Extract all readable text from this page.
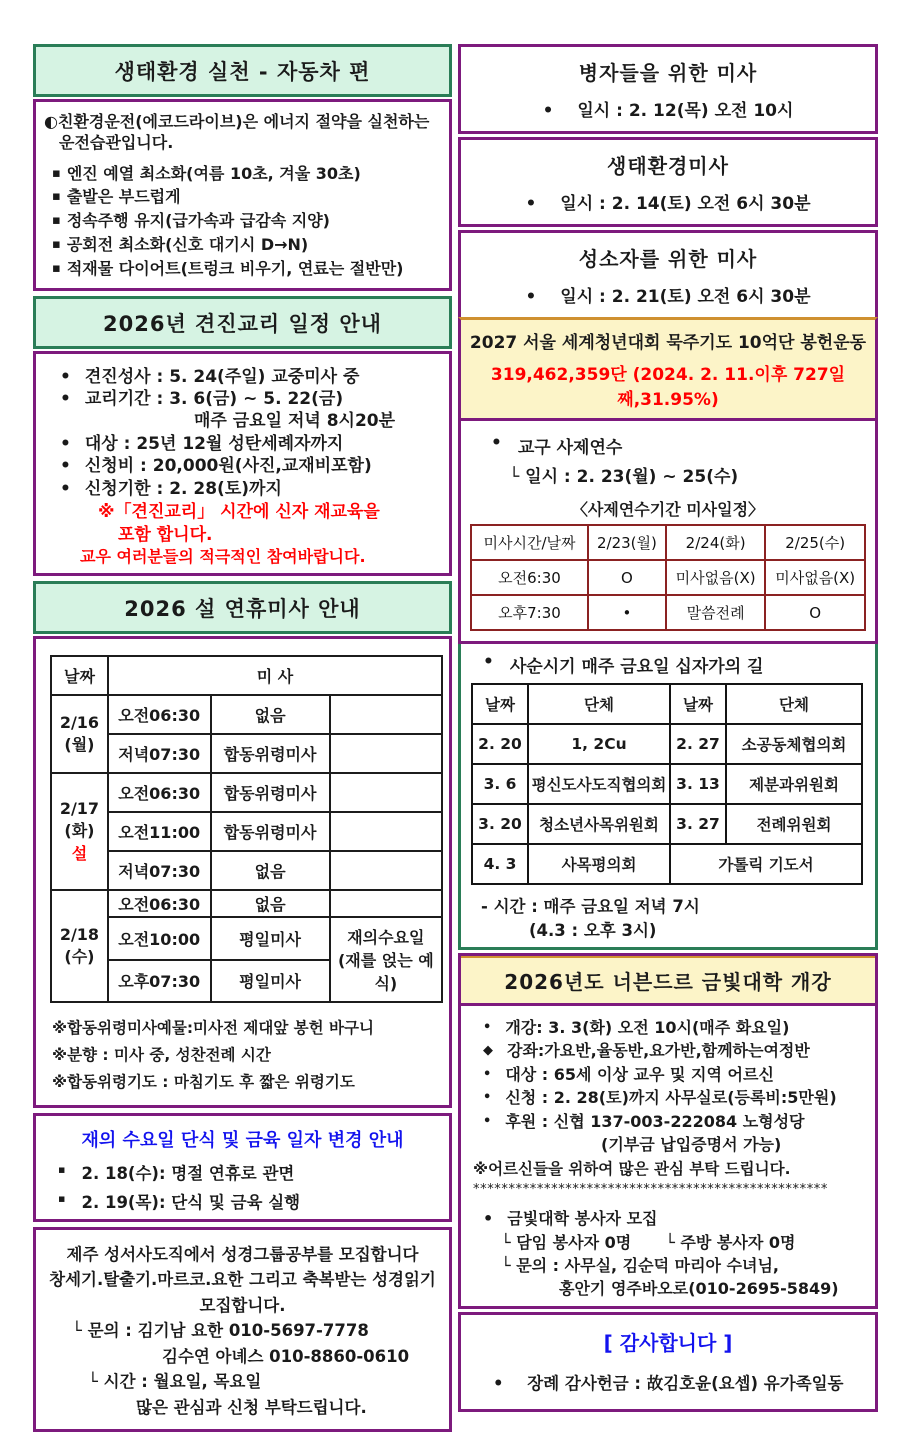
생태환경 실천 - 자동차 편
◐친환경운전(에코드라이브)은 에너지 절약을 실천하는
운전습관입니다.
▪ 엔진 예열 최소화(여름 10초, 겨울 30초)
▪ 출발은 부드럽게
▪ 정속주행 유지(급가속과 급감속 지양)
▪ 공회전 최소화(신호 대기시 D→N)
▪ 적재물 다이어트(트렁크 비우기, 연료는 절반만)
2026년 견진교리 일정 안내
• 견진성사 : 5. 24(주일) 교중미사 중
• 교리기간 : 3. 6(금) ~ 5. 22(금)
매주 금요일 저녁 8시20분
• 대상 : 25년 12월 성탄세례자까지
• 신청비 : 20,000원(사진,교재비포함)
• 신청기한 : 2. 28(토)까지
※「견진교리」 시간에 신자 재교육을
포함 합니다.
교우 여러분들의 적극적인 참여바랍니다.
2026 설 연휴미사 안내
날짜	미 사		

2/16
(월)	오전06:30	없음	
	저녁07:30	합동위령미사	

2/17
(화)
설	오전06:30	합동위령미사	
	오전11:00	합동위령미사	
	저녁07:30	없음	

2/18
(수)	오전06:30	없음	
	오전10:00	평일미사	재의수요일
(재를 얹는 예식)

	오후07:30	평일미사	
※합동위령미사예물:미사전 제대앞 봉헌 바구니
※분향 : 미사 중, 성찬전례 시간
※합동위령기도 : 마침기도 후 짧은 위령기도
재의 수요일 단식 및 금육 일자 변경 안내
▪ 2. 18(수): 명절 연휴로 관면
▪ 2. 19(목): 단식 및 금육 실행
제주 성서사도직에서 성경그룹공부를 모집합니다
창세기.탈출기.마르코.요한 그리고 축복받는 성경읽기
모집합니다.
└ 문의 : 김기남 요한 010-5697-7778
김수연 아녜스 010-8860-0610
└ 시간 : 월요일, 목요일
많은 관심과 신청 부탁드립니다.
병자들을 위한 미사
• 일시 : 2. 12(목) 오전 10시
생태환경미사
• 일시 : 2. 14(토) 오전 6시 30분
성소자를 위한 미사
• 일시 : 2. 21(토) 오전 6시 30분
2027 서울 세계청년대회 묵주기도 10억단 봉헌운동
319,462,359단 (2024. 2. 11.이후 727일째,31.95%)
• 교구 사제연수
└ 일시 : 2. 23(월) ~ 25(수)
〈사제연수기간 미사일정〉
미사시간/날짜	2/23(월)	2/24(화)	2/25(수)
오전6:30	O	미사없음(X)	미사없음(X)
오후7:30	•	말씀전례	O
• 사순시기 매주 금요일 십자가의 길
날짜	단체	날짜	단체
2. 20	1, 2Cu	2. 27	소공동체협의회
3. 6	평신도사도직협의회	3. 13	제분과위원회
3. 20	청소년사목위원회	3. 27	전례위원회
4. 3	사목평의회	가톨릭 기도서	
- 시간 : 매주 금요일 저녁 7시
(4.3 : 오후 3시)
2026년도 너븐드르 금빛대학 개강
• 개강: 3. 3(화) 오전 10시(매주 화요일)
◆ 강좌:가요반,율동반,요가반,함께하는여정반
• 대상 : 65세 이상 교우 및 지역 어르신
• 신청 : 2. 28(토)까지 사무실로(등록비:5만원)
• 후원 : 신협 137-003-222084 노형성당
(기부금 납입증명서 가능)
※어르신들을 위하여 많은 관심 부탁 드립니다.
**************************************************
• 금빛대학 봉사자 모집
└ 담임 봉사자 0명 └ 주방 봉사자 0명
└ 문의 : 사무실, 김순덕 마리아 수녀님,
홍안기 영주바오로(010-2695-5849)
[ 감사합니다 ]
• 장례 감사헌금 : 故김호윤(요셉) 유가족일동
